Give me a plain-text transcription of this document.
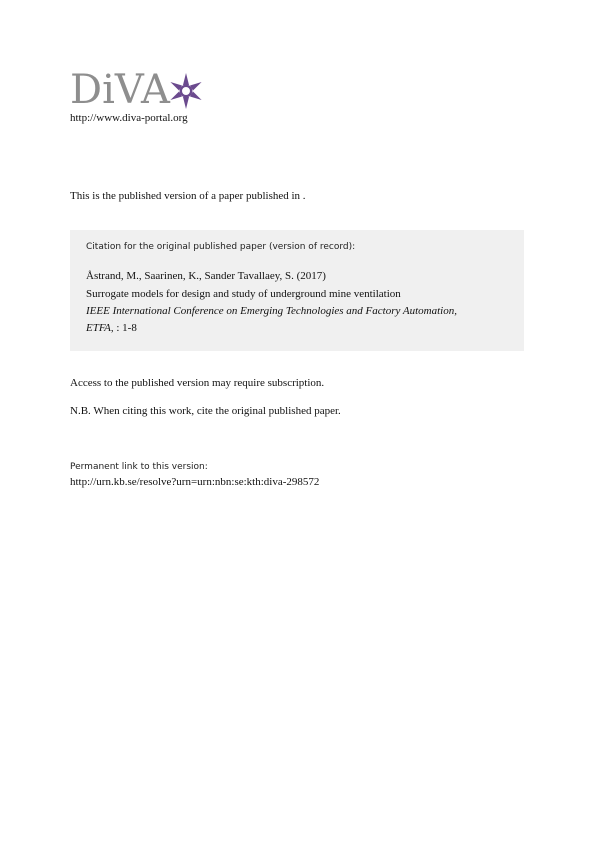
DiVA
http://www.diva-portal.org
This is the published version of a paper published in .
Citation for the original published paper (version of record):
Åstrand, M., Saarinen, K., Sander Tavallaey, S. (2017)
Surrogate models for design and study of underground mine ventilation
IEEE International Conference on Emerging Technologies and Factory Automation,
ETFA, : 1-8
Access to the published version may require subscription.
N.B. When citing this work, cite the original published paper.
Permanent link to this version:
http://urn.kb.se/resolve?urn=urn:nbn:se:kth:diva-298572
